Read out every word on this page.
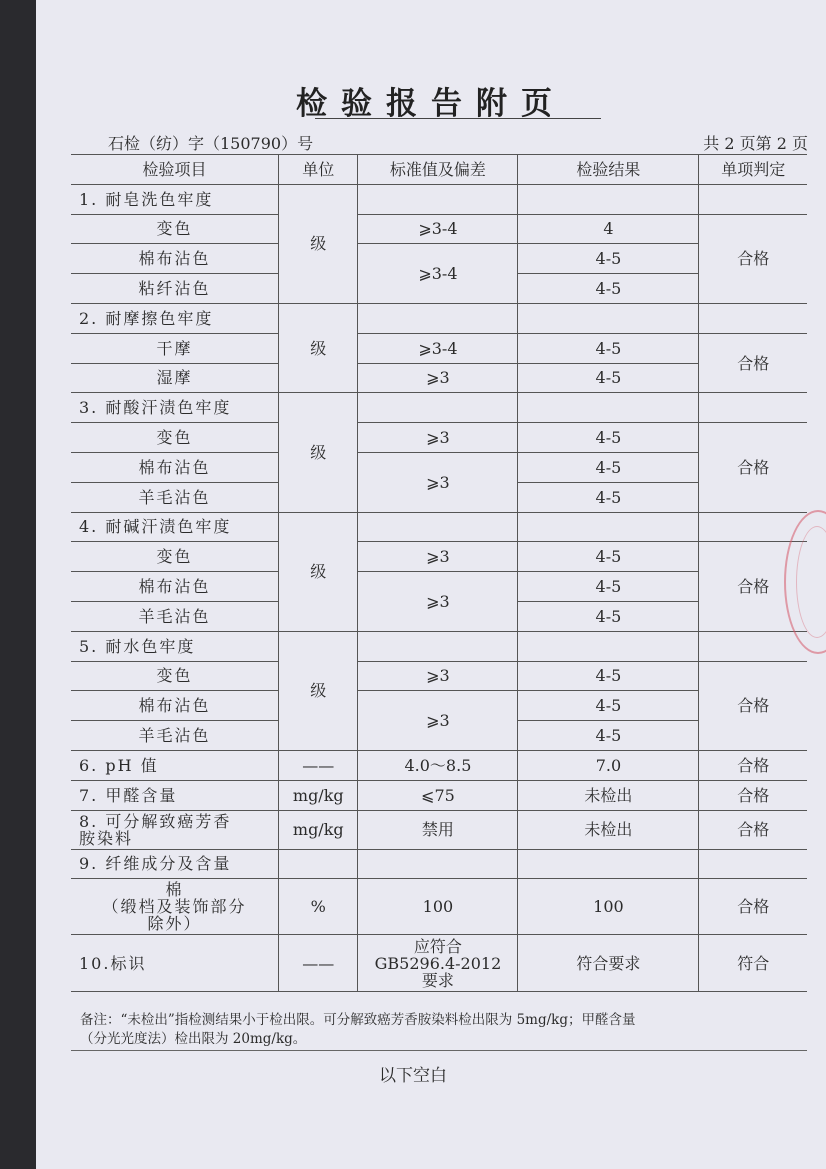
检验报告附页
石检（纺）字（150790）号	共 2 页第 2 页
检验项目	单位	标准值及偏差	检验结果	单项判定
1. 耐皂洗色牢度	级			
变色		⩾3-4	4	合格
棉布沾色		⩾3-4	4-5	
粘纤沾色			4-5	
2. 耐摩擦色牢度	级			
干摩		⩾3-4	4-5	合格
湿摩		⩾3	4-5	
3. 耐酸汗渍色牢度	级			
变色		⩾3	4-5	合格
棉布沾色		⩾3	4-5	
羊毛沾色			4-5	
4. 耐碱汗渍色牢度	级			
变色		⩾3	4-5	合格
棉布沾色		⩾3	4-5	
羊毛沾色			4-5	
5. 耐水色牢度	级			
变色		⩾3	4-5	合格
棉布沾色		⩾3	4-5	
羊毛沾色			4-5	
6. pH 值	——	4.0～8.5	7.0	合格
7. 甲醛含量	mg/kg	⩽75	未检出	合格

8. 可分解致癌芳香
胺染料	mg/kg	禁用	未检出	合格
9. 纤维成分及含量				

棉
（缎档及装饰部分
除外）	%	100	100	合格
10.标识	——	应符合
GB5296.4-2012
要求	符合要求	符合
备注：“未检出”指检测结果小于检出限。可分解致癌芳香胺染料检出限为 5mg/kg；甲醛含量
（分光光度法）检出限为 20mg/kg。
以下空白
